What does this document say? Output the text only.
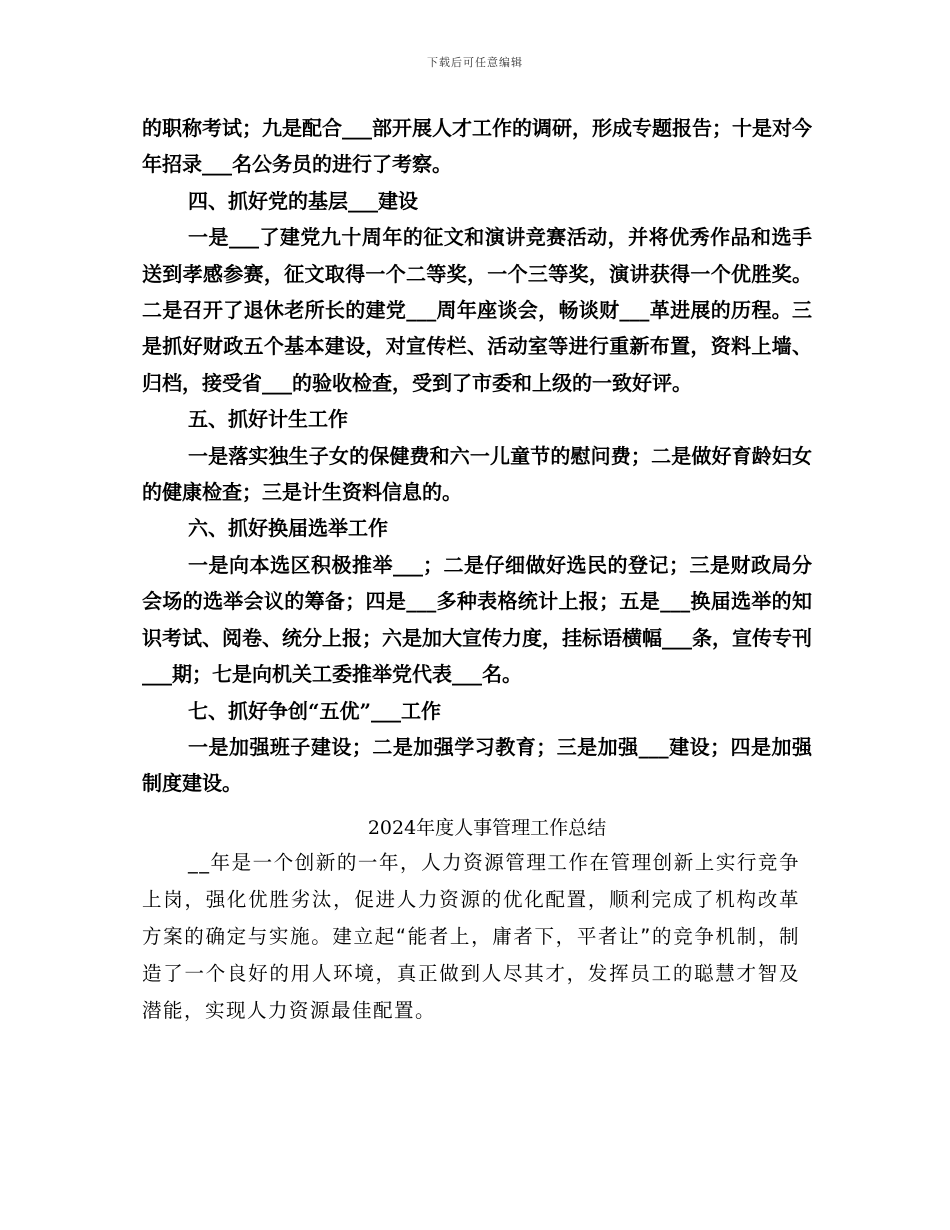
下载后可任意编辑

的职称考试；九是配合___部开展人才工作的调研，形成专题报告；十是对今年招录___名公务员的进行了考察。

四、抓好党的基层___建设

一是___了建党九十周年的征文和演讲竞赛活动，并将优秀作品和选手送到孝感参赛，征文取得一个二等奖，一个三等奖，演讲获得一个优胜奖。二是召开了退休老所长的建党___周年座谈会，畅谈财___革进展的历程。三是抓好财政五个基本建设，对宣传栏、活动室等进行重新布置，资料上墙、归档，接受省___的验收检查，受到了市委和上级的一致好评。

五、抓好计生工作

一是落实独生子女的保健费和六一儿童节的慰问费；二是做好育龄妇女的健康检查；三是计生资料信息的。

六、抓好换届选举工作

一是向本选区积极推举___；二是仔细做好选民的登记；三是财政局分会场的选举会议的筹备；四是___多种表格统计上报；五是___换届选举的知识考试、阅卷、统分上报；六是加大宣传力度，挂标语横幅___条，宣传专刊___期；七是向机关工委推举党代表___名。

七、抓好争创“五优”___工作

一是加强班子建设；二是加强学习教育；三是加强___建设；四是加强制度建设。

2024年度人事管理工作总结

__年是一个创新的一年，人力资源管理工作在管理创新上实行竞争上岗，强化优胜劣汰，促进人力资源的优化配置，顺利完成了机构改革方案的确定与实施。建立起“能者上，庸者下，平者让”的竞争机制，制造了一个良好的用人环境，真正做到人尽其才，发挥员工的聪慧才智及潜能，实现人力资源最佳配置。
